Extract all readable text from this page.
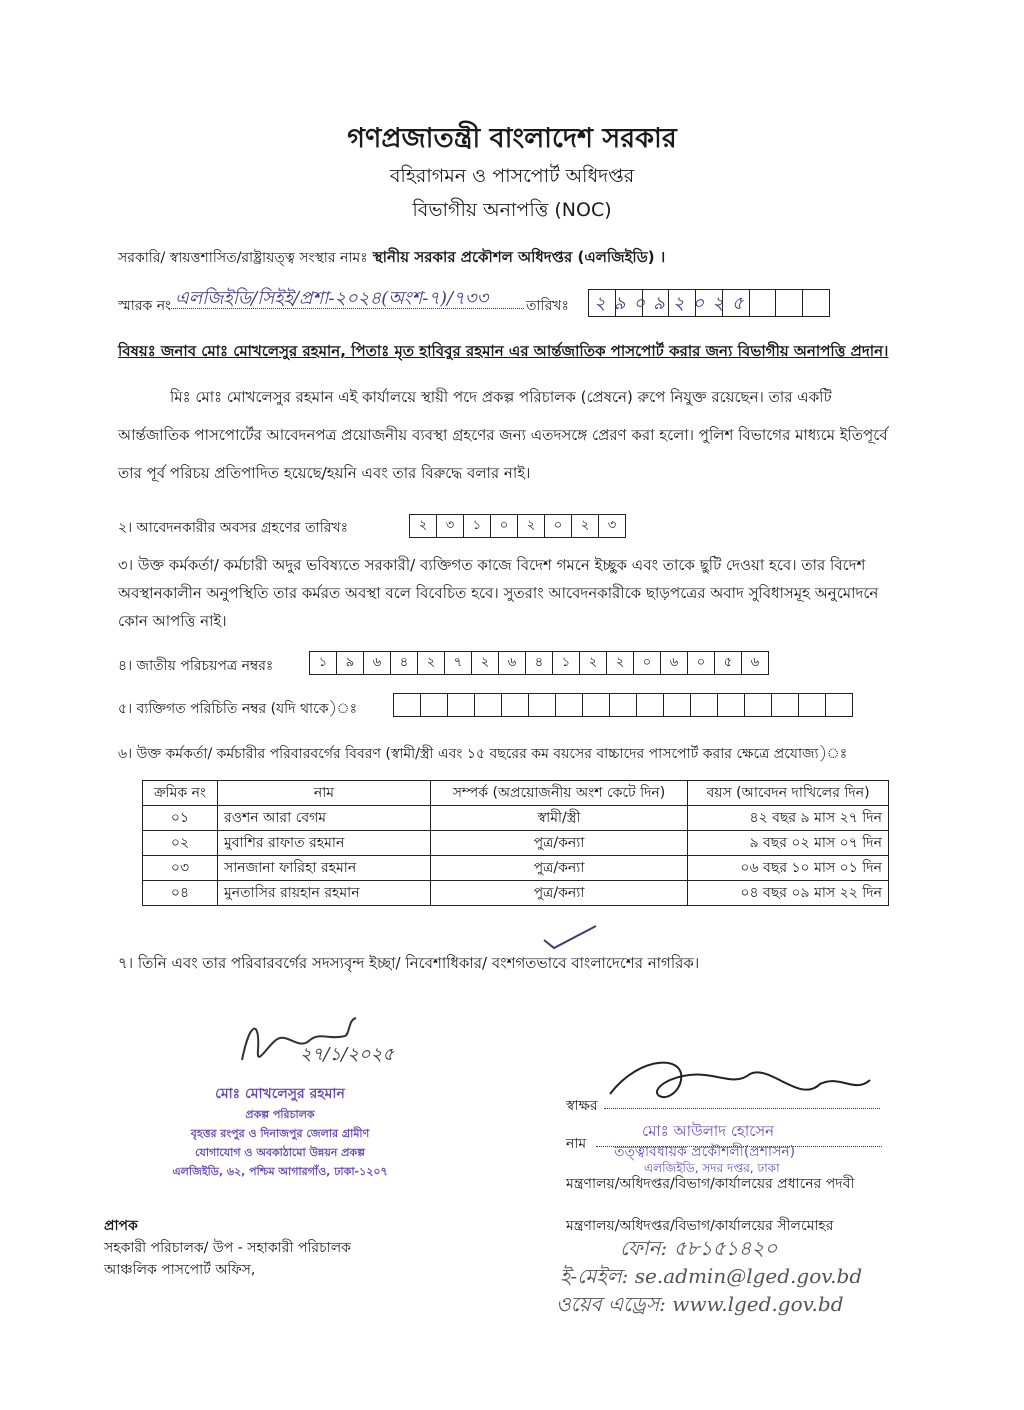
গণপ্রজাতন্ত্রী বাংলাদেশ সরকার
বহিরাগমন ও পাসপোর্ট অধিদপ্তর
বিভাগীয় অনাপত্তি (NOC)
সরকারি/ স্বায়ত্তশাসিত/রাষ্ট্রায়ত্ত্ব সংস্থার নামঃ স্থানীয় সরকার প্রকৌশল অধিদপ্তর (এলজিইডি) ।
স্মারক নং এলজিইডি/সিইই/প্রশা-২০২৪(অংশ-৭)/৭৩৩	তারিখঃ ২৯০৯২০২৫
বিষয়ঃ জনাব মোঃ মোখলেসুর রহমান, পিতাঃ মৃত হাবিবুর রহমান এর আর্ন্তজাতিক পাসপোর্ট করার জন্য বিভাগীয় অনাপত্তি প্রদান।
মিঃ মোঃ মোখলেসুর রহমান এই কার্যালয়ে স্থায়ী পদে প্রকল্প পরিচালক (প্রেষনে) রুপে নিযুক্ত রয়েছেন। তার একটি
আর্ন্তজাতিক পাসপোর্টের আবেদনপত্র প্রয়োজনীয় ব্যবস্থা গ্রহণের জন্য এতদসঙ্গে প্রেরণ করা হলো। পুলিশ বিভাগের মাধ্যমে ইতিপূর্বে
তার পূর্ব পরিচয় প্রতিপাদিত হয়েছে/হয়নি এবং তার বিরুদ্ধে বলার নাই।
২। আবেদনকারীর অবসর গ্রহণের তারিখঃ	২	৩	১	০	২	০	২	৩
৩। উক্ত কর্মকর্তা/ কর্মচারী অদুর ভবিষ্যতে সরকারী/ ব্যক্তিগত কাজে বিদেশ গমনে ইচ্ছুক এবং তাকে ছুটি দেওয়া হবে। তার বিদেশ
অবস্থানকালীন অনুপস্থিতি তার কর্মরত অবস্থা বলে বিবেচিত হবে। সুতরাং আবেদনকারীকে ছাড়পত্রের অবাদ সুবিধাসমূহ অনুমোদনে
কোন আপত্তি নাই।
৪। জাতীয় পরিচয়পত্র নম্বরঃ	১	৯	৬	৪	২	৭	২	৬	৪	১	২	২	০	৬	০	৫	৬
৫। ব্যক্তিগত পরিচিতি নম্বর (যদি থাকে)ঃ
৬। উক্ত কর্মকর্তা/ কর্মচারীর পরিবারবর্গের বিবরণ (স্বামী/স্ত্রী এবং ১৫ বছরের কম বয়সের বাচ্চাদের পাসপোর্ট করার ক্ষেত্রে প্রযোজ্য)ঃ
ক্রমিক নং	নাম	সম্পর্ক (অপ্রয়োজনীয় অংশ কেটে দিন)	বয়স (আবেদন দাখিলের দিন)
০১	রওশন আরা বেগম	স্বামী/স্ত্রী	৪২ বছর ৯ মাস ২৭ দিন
০২	মুবাশির রাফাত রহমান	পুত্র/কন্যা	৯ বছর ০২ মাস ০৭ দিন
০৩	সানজানা ফারিহা রহমান	পুত্র/কন্যা	০৬ বছর ১০ মাস ০১ দিন
০৪	মুনতাসির রায়হান রহমান	পুত্র/কন্যা	০৪ বছর ০৯ মাস ২২ দিন
৭। তিনি এবং তার পরিবারবর্গের সদস্যবৃন্দ ইচ্ছা/ নিবেশাধিকার/ বংশগতভাবে বাংলাদেশের নাগরিক।
২৭/১/২০২৫
মোঃ মোখলেসুর রহমান
প্রকল্প পরিচালক
বৃহত্তর রংপুর ও দিনাজপুর জেলার গ্রামীণ
যোগাযোগ ও অবকাঠামো উন্নয়ন প্রকল্প
এলজিইডি, ৬২, পশ্চিম আগারগাঁও, ঢাকা-১২০৭
স্বাক্ষর
নাম
মোঃ আউলাদ হোসেন
তত্ত্বাবধায়ক প্রকৌশলী(প্রশাসন)
এলজিইডি, সদর দপ্তর, ঢাকা
মন্ত্রণালয়/অধিদপ্তর/বিভাগ/কার্যালয়ের প্রধানের পদবী
প্রাপক
সহকারী পরিচালক/ উপ - সহাকারী পরিচালক
আঞ্চলিক পাসপোর্ট অফিস,
মন্ত্রণালয়/অধিদপ্তর/বিভাগ/কার্যালয়ের সীলমোহর
ফোন: ৫৮১৫১৪২০
ই-মেইল: se.admin@lged.gov.bd
ওয়েব এড্রেস: www.lged.gov.bd
